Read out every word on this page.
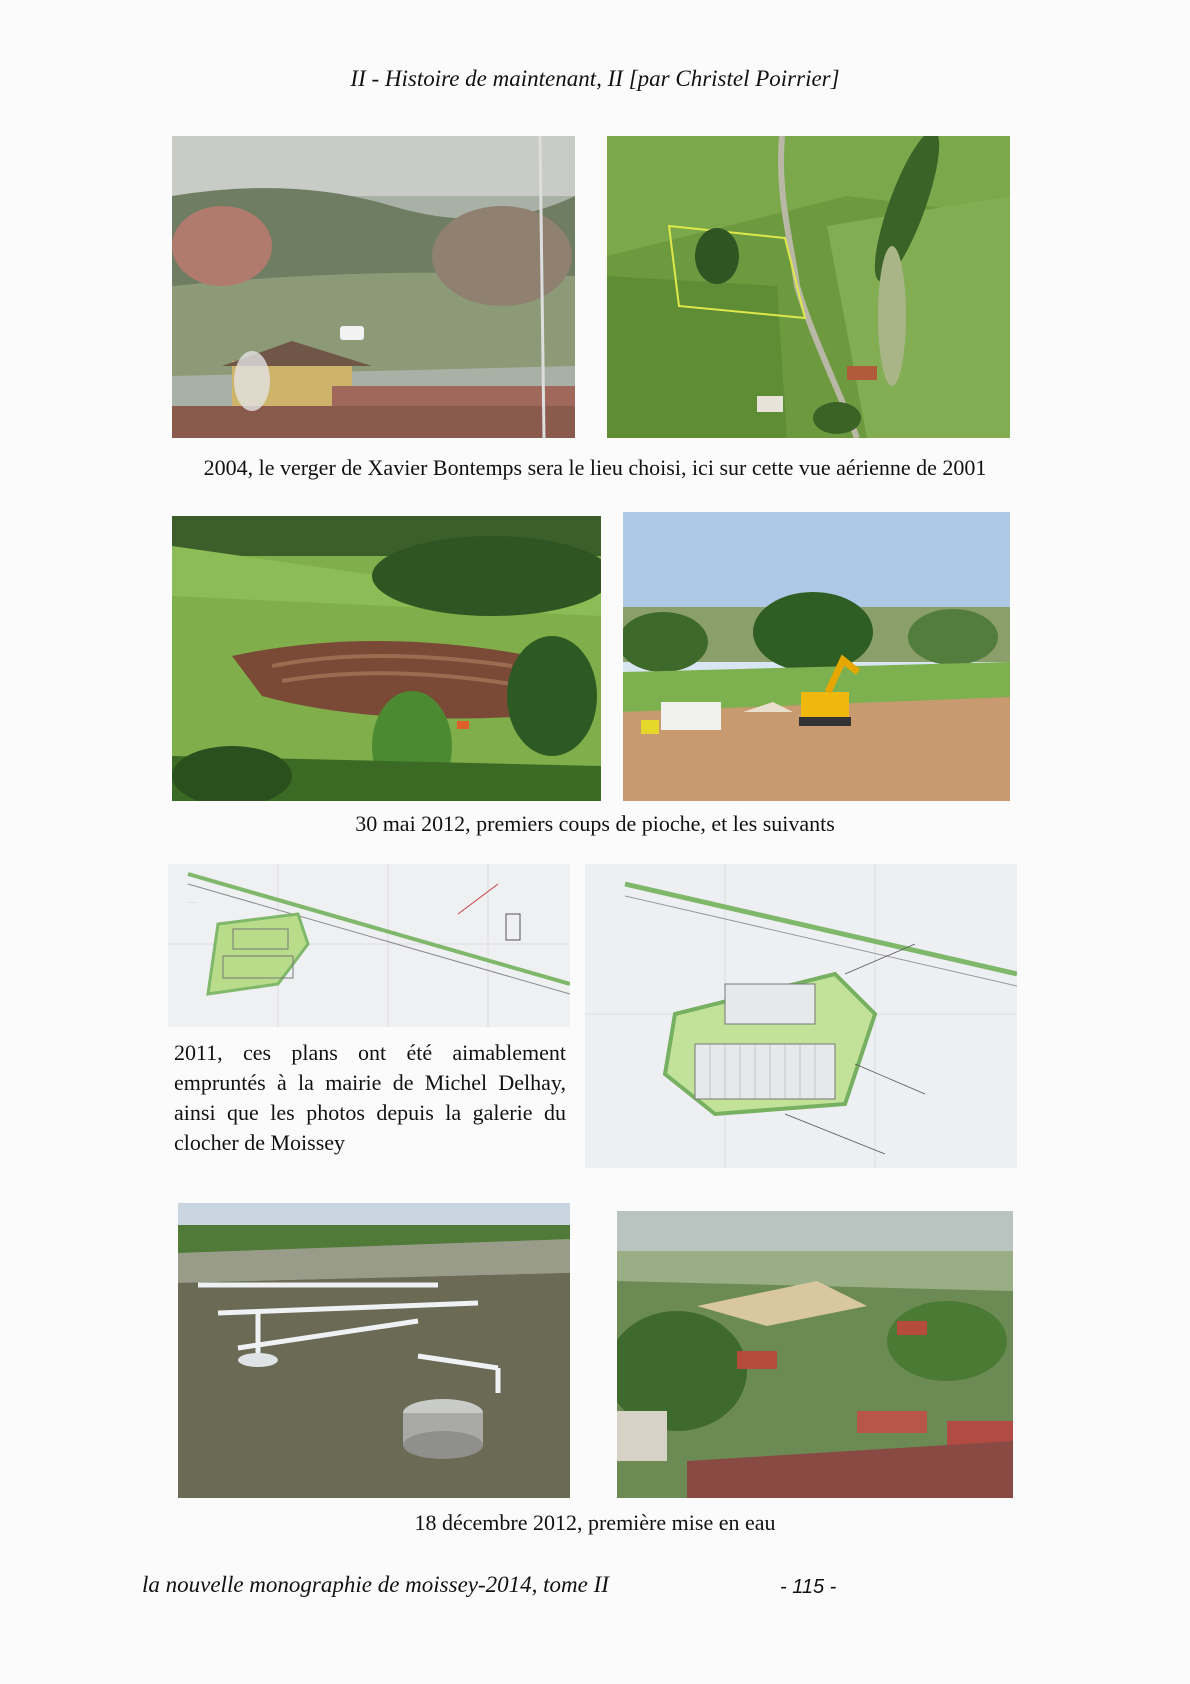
II - Histoire de maintenant, II [par Christel Poirrier]
2004, le verger de Xavier Bontemps sera le lieu choisi, ici sur cette vue aérienne de 2001
30 mai 2012, premiers coups de pioche, et les suivants
·······
2011, ces plans ont été aimablement empruntés à la mairie de Michel Delhay, ainsi que les photos depuis la galerie du clocher de Moissey
18 décembre 2012, première mise en eau
la nouvelle monographie de moissey-2014, tome II	- 115 -
